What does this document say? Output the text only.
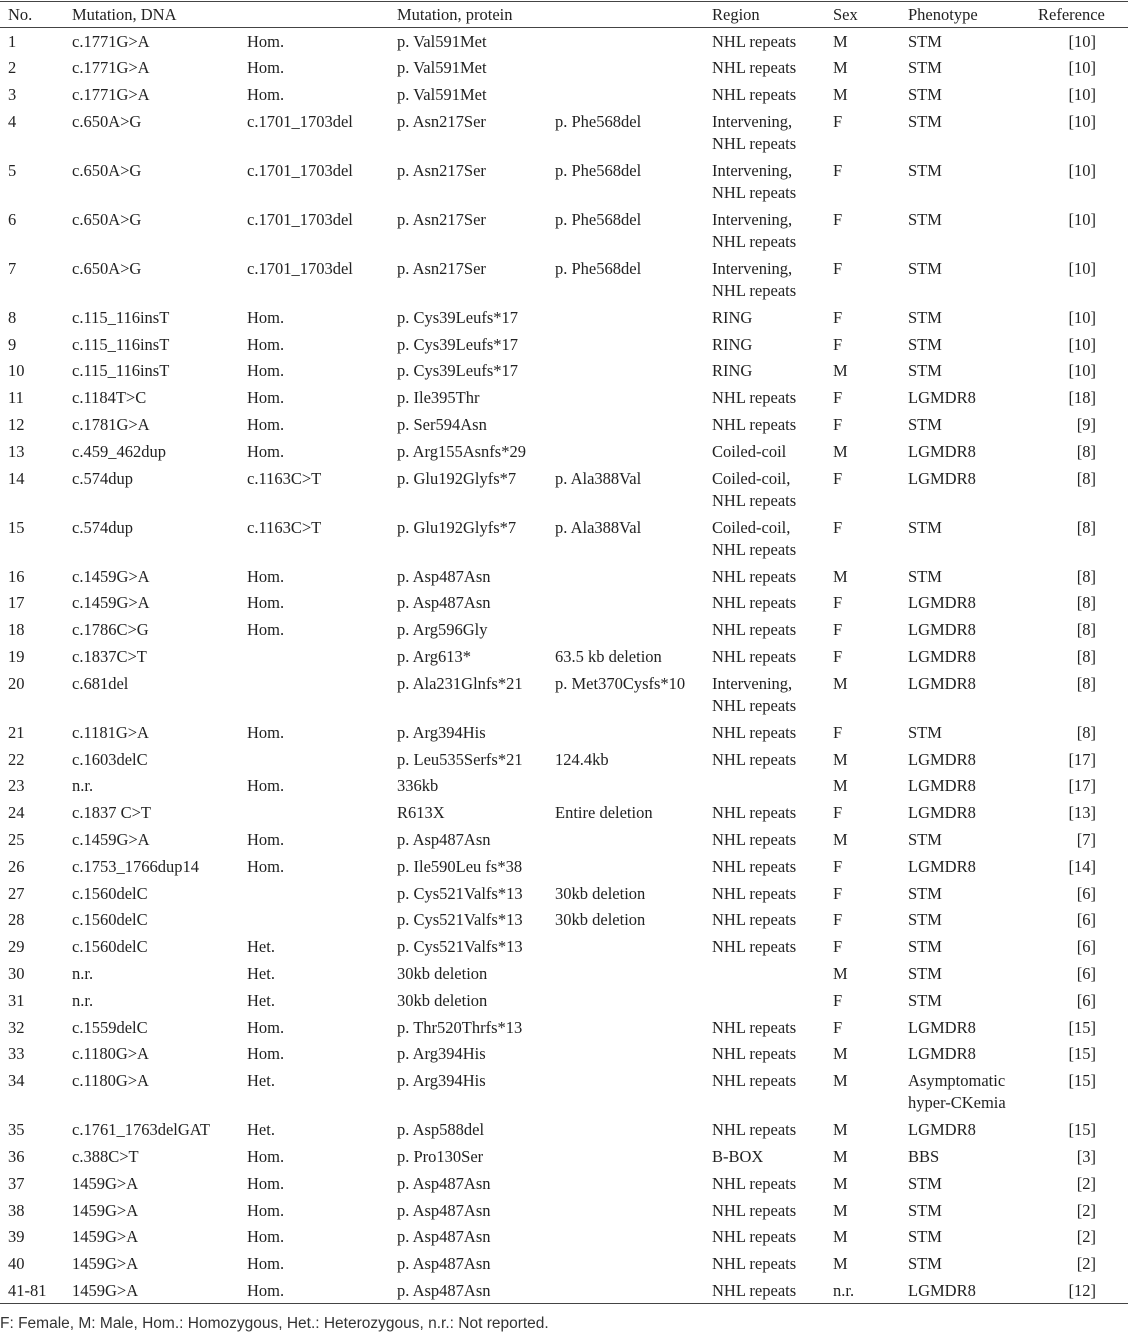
No.	Mutation, DNA		Mutation, protein		Region	Sex	Phenotype	Reference
1	c.1771G>A	Hom.	p. Val591Met		NHL repeats	M	STM	[10]
2	c.1771G>A	Hom.	p. Val591Met		NHL repeats	M	STM	[10]
3	c.1771G>A	Hom.	p. Val591Met		NHL repeats	M	STM	[10]
4	c.650A>G	c.1701_1703del	p. Asn217Ser	p. Phe568del	Intervening,
NHL repeats	F	STM	[10]
5	c.650A>G	c.1701_1703del	p. Asn217Ser	p. Phe568del	Intervening,
NHL repeats	F	STM	[10]
6	c.650A>G	c.1701_1703del	p. Asn217Ser	p. Phe568del	Intervening,
NHL repeats	F	STM	[10]
7	c.650A>G	c.1701_1703del	p. Asn217Ser	p. Phe568del	Intervening,
NHL repeats	F	STM	[10]
8	c.115_116insT	Hom.	p. Cys39Leufs*17		RING	F	STM	[10]
9	c.115_116insT	Hom.	p. Cys39Leufs*17		RING	F	STM	[10]
10	c.115_116insT	Hom.	p. Cys39Leufs*17		RING	M	STM	[10]
11	c.1184T>C	Hom.	p. Ile395Thr		NHL repeats	F	LGMDR8	[18]
12	c.1781G>A	Hom.	p. Ser594Asn		NHL repeats	F	STM	[9]
13	c.459_462dup	Hom.	p. Arg155Asnfs*29		Coiled-coil	M	LGMDR8	[8]
14	c.574dup	c.1163C>T	p. Glu192Glyfs*7	p. Ala388Val	Coiled-coil,
NHL repeats	F	LGMDR8	[8]
15	c.574dup	c.1163C>T	p. Glu192Glyfs*7	p. Ala388Val	Coiled-coil,
NHL repeats	F	STM	[8]
16	c.1459G>A	Hom.	p. Asp487Asn		NHL repeats	M	STM	[8]
17	c.1459G>A	Hom.	p. Asp487Asn		NHL repeats	F	LGMDR8	[8]
18	c.1786C>G	Hom.	p. Arg596Gly		NHL repeats	F	LGMDR8	[8]
19	c.1837C>T		p. Arg613*	63.5 kb deletion	NHL repeats	F	LGMDR8	[8]
20	c.681del		p. Ala231Glnfs*21	p. Met370Cysfs*10	Intervening,
NHL repeats	M	LGMDR8	[8]
21	c.1181G>A	Hom.	p. Arg394His		NHL repeats	F	STM	[8]
22	c.1603delC		p. Leu535Serfs*21	124.4kb	NHL repeats	M	LGMDR8	[17]
23	n.r.	Hom.	336kb			M	LGMDR8	[17]
24	c.1837 C>T		R613X	Entire deletion	NHL repeats	F	LGMDR8	[13]
25	c.1459G>A	Hom.	p. Asp487Asn		NHL repeats	M	STM	[7]
26	c.1753_1766dup14	Hom.	p. Ile590Leu fs*38		NHL repeats	F	LGMDR8	[14]
27	c.1560delC		p. Cys521Valfs*13	30kb deletion	NHL repeats	F	STM	[6]
28	c.1560delC		p. Cys521Valfs*13	30kb deletion	NHL repeats	F	STM	[6]
29	c.1560delC	Het.	p. Cys521Valfs*13		NHL repeats	F	STM	[6]
30	n.r.	Het.	30kb deletion			M	STM	[6]
31	n.r.	Het.	30kb deletion			F	STM	[6]
32	c.1559delC	Hom.	p. Thr520Thrfs*13		NHL repeats	F	LGMDR8	[15]
33	c.1180G>A	Hom.	p. Arg394His		NHL repeats	M	LGMDR8	[15]
34	c.1180G>A	Het.	p. Arg394His		NHL repeats	M	Asymptomatic
hyper-CKemia	[15]
35	c.1761_1763delGAT	Het.	p. Asp588del		NHL repeats	M	LGMDR8	[15]
36	c.388C>T	Hom.	p. Pro130Ser		B-BOX	M	BBS	[3]
37	1459G>A	Hom.	p. Asp487Asn		NHL repeats	M	STM	[2]
38	1459G>A	Hom.	p. Asp487Asn		NHL repeats	M	STM	[2]
39	1459G>A	Hom.	p. Asp487Asn		NHL repeats	M	STM	[2]
40	1459G>A	Hom.	p. Asp487Asn		NHL repeats	M	STM	[2]
41-81	1459G>A	Hom.	p. Asp487Asn		NHL repeats	n.r.	LGMDR8	[12]
F: Female, M: Male, Hom.: Homozygous, Het.: Heterozygous, n.r.: Not reported.
